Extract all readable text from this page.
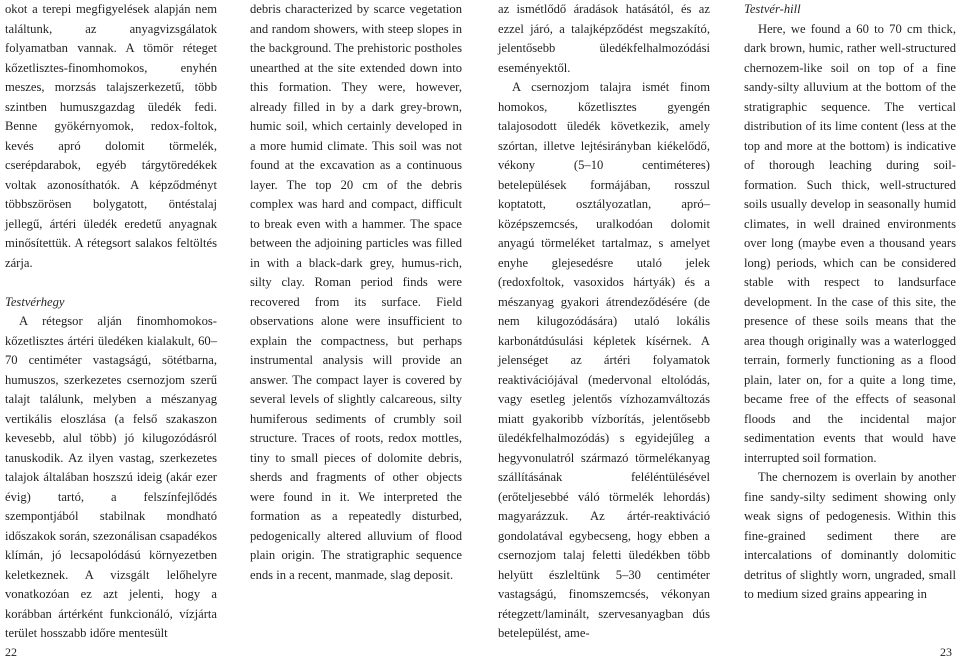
okot a terepi megfigyelések alapján nem találtunk, az anyagvizsgálatok folyamatban vannak. A tömör réteget kőzetlisztes-finomhomokos, enyhén meszes, morzsás talajszerkezetű, több szintben humuszgazdag üledék fedi. Benne gyökérnyomok, redox-foltok, kevés apró dolomit törmelék, cserépdarabok, egyéb tárgytöredékek voltak azonosíthatók. A képződményt többszörösen bolygatott, öntéstalaj jellegű, ártéri üledék eredetű anyagnak minősítettük. A rétegsort salakos feltöltés zárja.

Testvérhegy

A rétegsor alján finomhomokos-kőzetlisztes ártéri üledéken kialakult, 60–70 centiméter vastagságú, sötétbarna, humuszos, szerkezetes csernozjom szerű talajt találunk, melyben a mészanyag vertikális eloszlása (a felső szakaszon kevesebb, alul több) jó kilugozódásról tanuskodik. Az ilyen vastag, szerkezetes talajok általában hoszszú ideig (akár ezer évig) tartó, a felszínfejlődés szempontjából stabilnak mondható időszakok során, szezonálisan csapadékos klímán, jó lecsapolódású környezetben keletkeznek. A vizsgált lelőhelyre vonatkozóan ez azt jelenti, hogy a korábban ártérként funkcionáló, vízjárta terület hosszabb időre mentesült

debris characterized by scarce vegetation and random showers, with steep slopes in the background. The prehistoric postholes unearthed at the site extended down into this formation. They were, however, already filled in by a dark grey-brown, humic soil, which certainly developed in a more humid climate. This soil was not found at the excavation as a continuous layer. The top 20 cm of the debris complex was hard and compact, difficult to break even with a hammer. The space between the adjoining particles was filled in with a black-dark grey, humus-rich, silty clay. Roman period finds were recovered from its surface. Field observations alone were insufficient to explain the compactness, but perhaps instrumental analysis will provide an answer. The compact layer is covered by several levels of slightly calcareous, silty humiferous sediments of crumbly soil structure. Traces of roots, redox mottles, tiny to small pieces of dolomite debris, sherds and fragments of other objects were found in it. We interpreted the formation as a repeatedly disturbed, pedogenically altered alluvium of flood plain origin. The stratigraphic sequence ends in a recent, manmade, slag deposit.

az ismétlődő áradások hatásától, és az ezzel járó, a talajképződést megszakító, jelentősebb üledékfelhalmozódási eseményektől.

A csernozjom talajra ismét finom homokos, kőzetlisztes gyengén talajosodott üledék következik, amely szórtan, illetve lejtésirányban kiékelődő, vékony (5–10 centiméteres) betelepülések formájában, rosszul koptatott, osztályozatlan, apró–középszemcsés, uralkodóan dolomit anyagú törmeléket tartalmaz, s amelyet enyhe glejesedésre utaló jelek (redoxfoltok, vasoxidos hártyák) és a mészanyag gyakori átrendeződésére (de nem kilugozódására) utaló lokális karbonátdúsulási képletek kísérnek. A jelenséget az ártéri folyamatok reaktivációjával (medervonal eltolódás, vagy esetleg jelentős vízhozamváltozás miatt gyakoribb vízborítás, jelentősebb üledékfelhalmozódás) s egyidejűleg a hegyvonulatról származó törmelékanyag szállításának feléléntülésével (erőteljesebbé váló törmelék lehordás) magyarázzuk. Az ártér-reaktiváció gondolatával egybecseng, hogy ebben a csernozjom talaj feletti üledékben több helyütt észleltünk 5–30 centiméter vastagságú, finomszemcsés, vékonyan rétegzett/laminált, szervesanyagban dús betelepülést, ame-

Testvér-hill

Here, we found a 60 to 70 cm thick, dark brown, humic, rather well-structured chernozem-like soil on top of a fine sandy-silty alluvium at the bottom of the stratigraphic sequence. The vertical distribution of its lime content (less at the top and more at the bottom) is indicative of thorough leaching during soil-formation. Such thick, well-structured soils usually develop in seasonally humid climates, in well drained environments over long (maybe even a thousand years long) periods, which can be considered stable with respect to landsurface development. In the case of this site, the presence of these soils means that the area though originally was a waterlogged terrain, formerly functioning as a flood plain, later on, for a quite a long time, became free of the effects of seasonal floods and the incidental major sedimentation events that would have interrupted soil formation.

The chernozem is overlain by another fine sandy-silty sediment showing only weak signs of pedogenesis. Within this fine-grained sediment there are intercalations of dominantly dolomitic detritus of slightly worn, ungraded, small to medium sized grains appearing in

22	23
